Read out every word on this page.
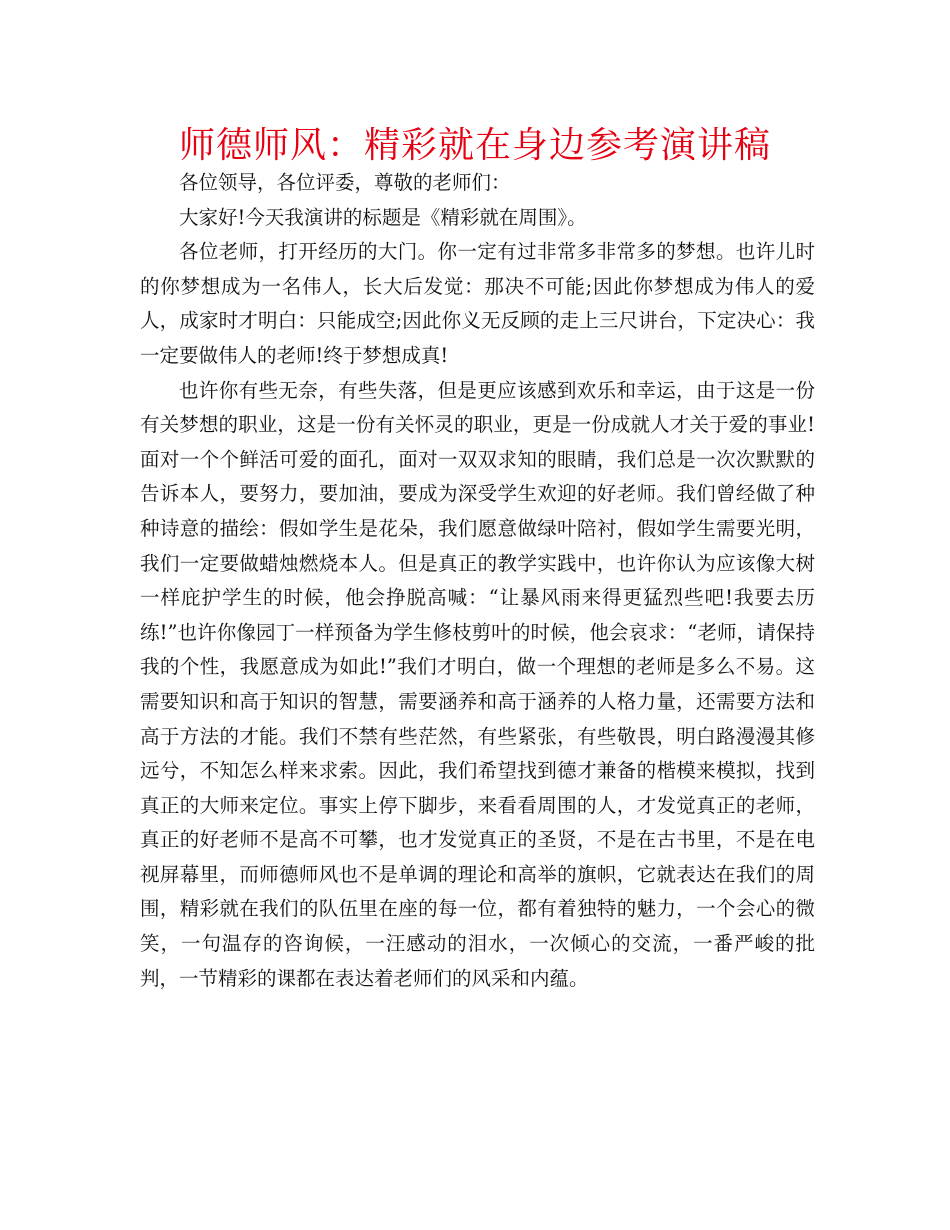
师德师风：精彩就在身边参考演讲稿

各位领导，各位评委，尊敬的老师们：

大家好!今天我演讲的标题是《精彩就在周围》。

各位老师，打开经历的大门。你一定有过非常多非常多的梦想。也许儿时的你梦想成为一名伟人，长大后发觉：那决不可能;因此你梦想成为伟人的爱人，成家时才明白：只能成空;因此你义无反顾的走上三尺讲台，下定决心：我一定要做伟人的老师!终于梦想成真!

也许你有些无奈，有些失落，但是更应该感到欢乐和幸运，由于这是一份有关梦想的职业，这是一份有关怀灵的职业，更是一份成就人才关于爱的事业!面对一个个鲜活可爱的面孔，面对一双双求知的眼睛，我们总是一次次默默的告诉本人，要努力，要加油，要成为深受学生欢迎的好老师。我们曾经做了种种诗意的描绘：假如学生是花朵，我们愿意做绿叶陪衬，假如学生需要光明，我们一定要做蜡烛燃烧本人。但是真正的教学实践中，也许你认为应该像大树一样庇护学生的时候，他会挣脱高喊：“让暴风雨来得更猛烈些吧!我要去历练!”也许你像园丁一样预备为学生修枝剪叶的时候，他会哀求：“老师，请保持我的个性，我愿意成为如此!”我们才明白，做一个理想的老师是多么不易。这需要知识和高于知识的智慧，需要涵养和高于涵养的人格力量，还需要方法和高于方法的才能。我们不禁有些茫然，有些紧张，有些敬畏，明白路漫漫其修远兮，不知怎么样来求索。因此，我们希望找到德才兼备的楷模来模拟，找到真正的大师来定位。事实上停下脚步，来看看周围的人，才发觉真正的老师，真正的好老师不是高不可攀，也才发觉真正的圣贤，不是在古书里，不是在电视屏幕里，而师德师风也不是单调的理论和高举的旗帜，它就表达在我们的周围，精彩就在我们的队伍里在座的每一位，都有着独特的魅力，一个会心的微笑，一句温存的咨询候，一汪感动的泪水，一次倾心的交流，一番严峻的批判，一节精彩的课都在表达着老师们的风采和内蕴。
